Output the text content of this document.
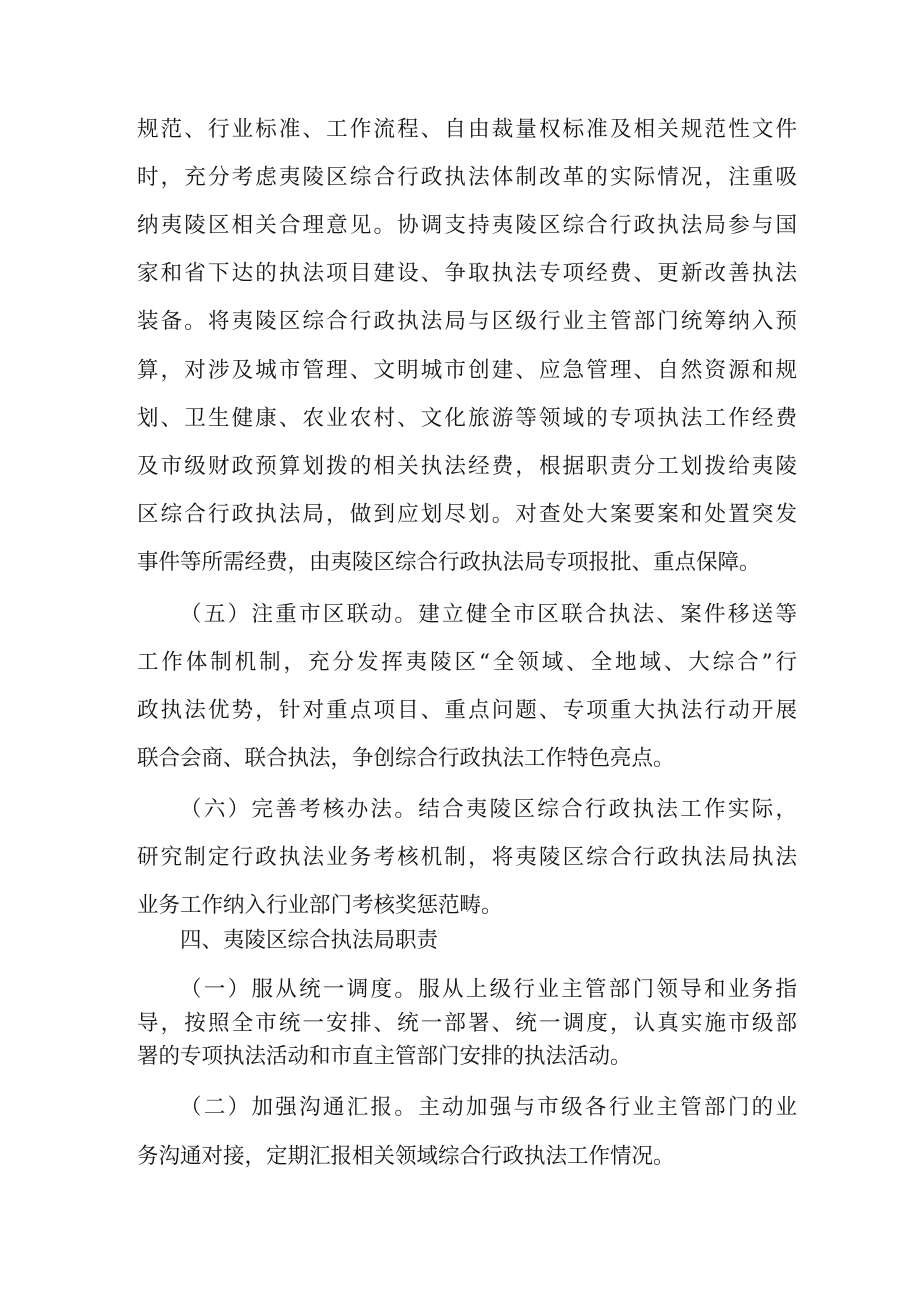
规范、行业标准、工作流程、自由裁量权标准及相关规范性文件
时，充分考虑夷陵区综合行政执法体制改革的实际情况，注重吸
纳夷陵区相关合理意见。协调支持夷陵区综合行政执法局参与国
家和省下达的执法项目建设、争取执法专项经费、更新改善执法
装备。将夷陵区综合行政执法局与区级行业主管部门统筹纳入预
算，对涉及城市管理、文明城市创建、应急管理、自然资源和规
划、卫生健康、农业农村、文化旅游等领域的专项执法工作经费
及市级财政预算划拨的相关执法经费，根据职责分工划拨给夷陵
区综合行政执法局，做到应划尽划。对查处大案要案和处置突发
事件等所需经费，由夷陵区综合行政执法局专项报批、重点保障。
（五）注重市区联动。建立健全市区联合执法、案件移送等
工作体制机制，充分发挥夷陵区“全领域、全地域、大综合”行
政执法优势，针对重点项目、重点问题、专项重大执法行动开展
联合会商、联合执法，争创综合行政执法工作特色亮点。
（六）完善考核办法。结合夷陵区综合行政执法工作实际，
研究制定行政执法业务考核机制，将夷陵区综合行政执法局执法
业务工作纳入行业部门考核奖惩范畴。
四、夷陵区综合执法局职责
（一）服从统一调度。服从上级行业主管部门领导和业务指
导，按照全市统一安排、统一部署、统一调度，认真实施市级部
署的专项执法活动和市直主管部门安排的执法活动。
（二）加强沟通汇报。主动加强与市级各行业主管部门的业
务沟通对接，定期汇报相关领域综合行政执法工作情况。
